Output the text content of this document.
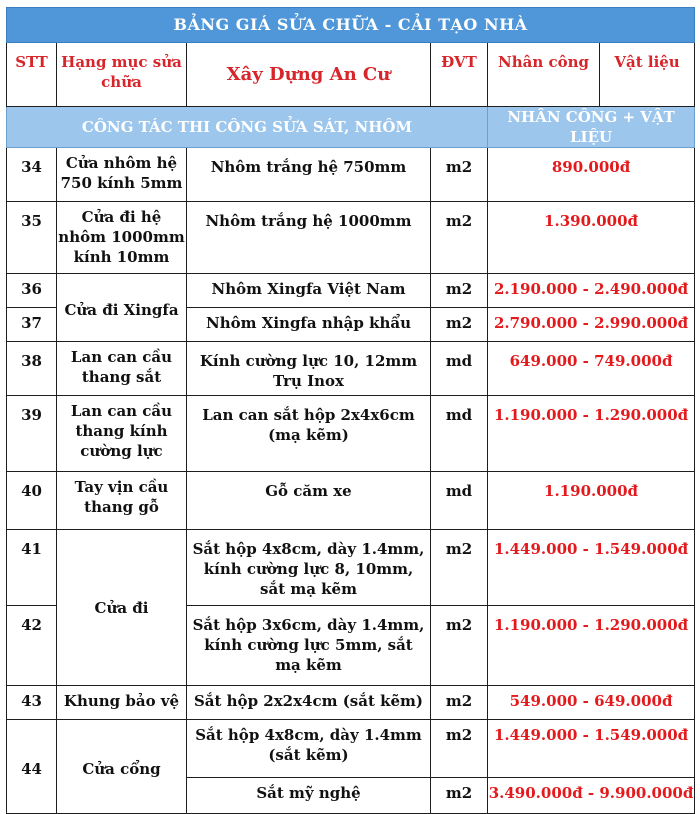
BẢNG GIÁ SỬA CHỮA - CẢI TẠO NHÀ					
STT	Hạng mục sửa chữa	Xây Dựng An Cư	ĐVT	Nhân công	Vật liệu
CÔNG TÁC THI CÔNG SỬA SÁT, NHÔM				NHÂN CÔNG + VẬT LIỆU	
34	Cửa nhôm hệ 750 kính 5mm	Nhôm trắng hệ 750mm	m2	890.000đ	
35	Cửa đi hệ nhôm 1000mm kính 10mm	Nhôm trắng hệ 1000mm	m2	1.390.000đ	
36	Cửa đi Xingfa	Nhôm Xingfa Việt Nam	m2	2.190.000 - 2.490.000đ	
37		Nhôm Xingfa nhập khẩu	m2	2.790.000 - 2.990.000đ	
38	Lan can cầu thang sắt	Kính cường lực 10, 12mm Trụ Inox	md	649.000 - 749.000đ	
39	Lan can cầu thang kính cường lực	Lan can sắt hộp 2x4x6cm (mạ kẽm)	md	1.190.000 - 1.290.000đ	
40	Tay vịn cầu thang gỗ	Gỗ căm xe	md	1.190.000đ	
41	Cửa đi	Sắt hộp 4x8cm, dày 1.4mm, kính cường lực 8, 10mm, sắt mạ kẽm	m2	1.449.000 - 1.549.000đ	
42		Sắt hộp 3x6cm, dày 1.4mm, kính cường lực 5mm, sắt mạ kẽm	m2	1.190.000 - 1.290.000đ	
43	Khung bảo vệ	Sắt hộp 2x2x4cm (sắt kẽm)	m2	549.000 - 649.000đ	
44	Cửa cổng	Sắt hộp 4x8cm, dày 1.4mm (sắt kẽm)	m2	1.449.000 - 1.549.000đ	
		Sắt mỹ nghệ	m2	3.490.000đ - 9.900.000đ	
